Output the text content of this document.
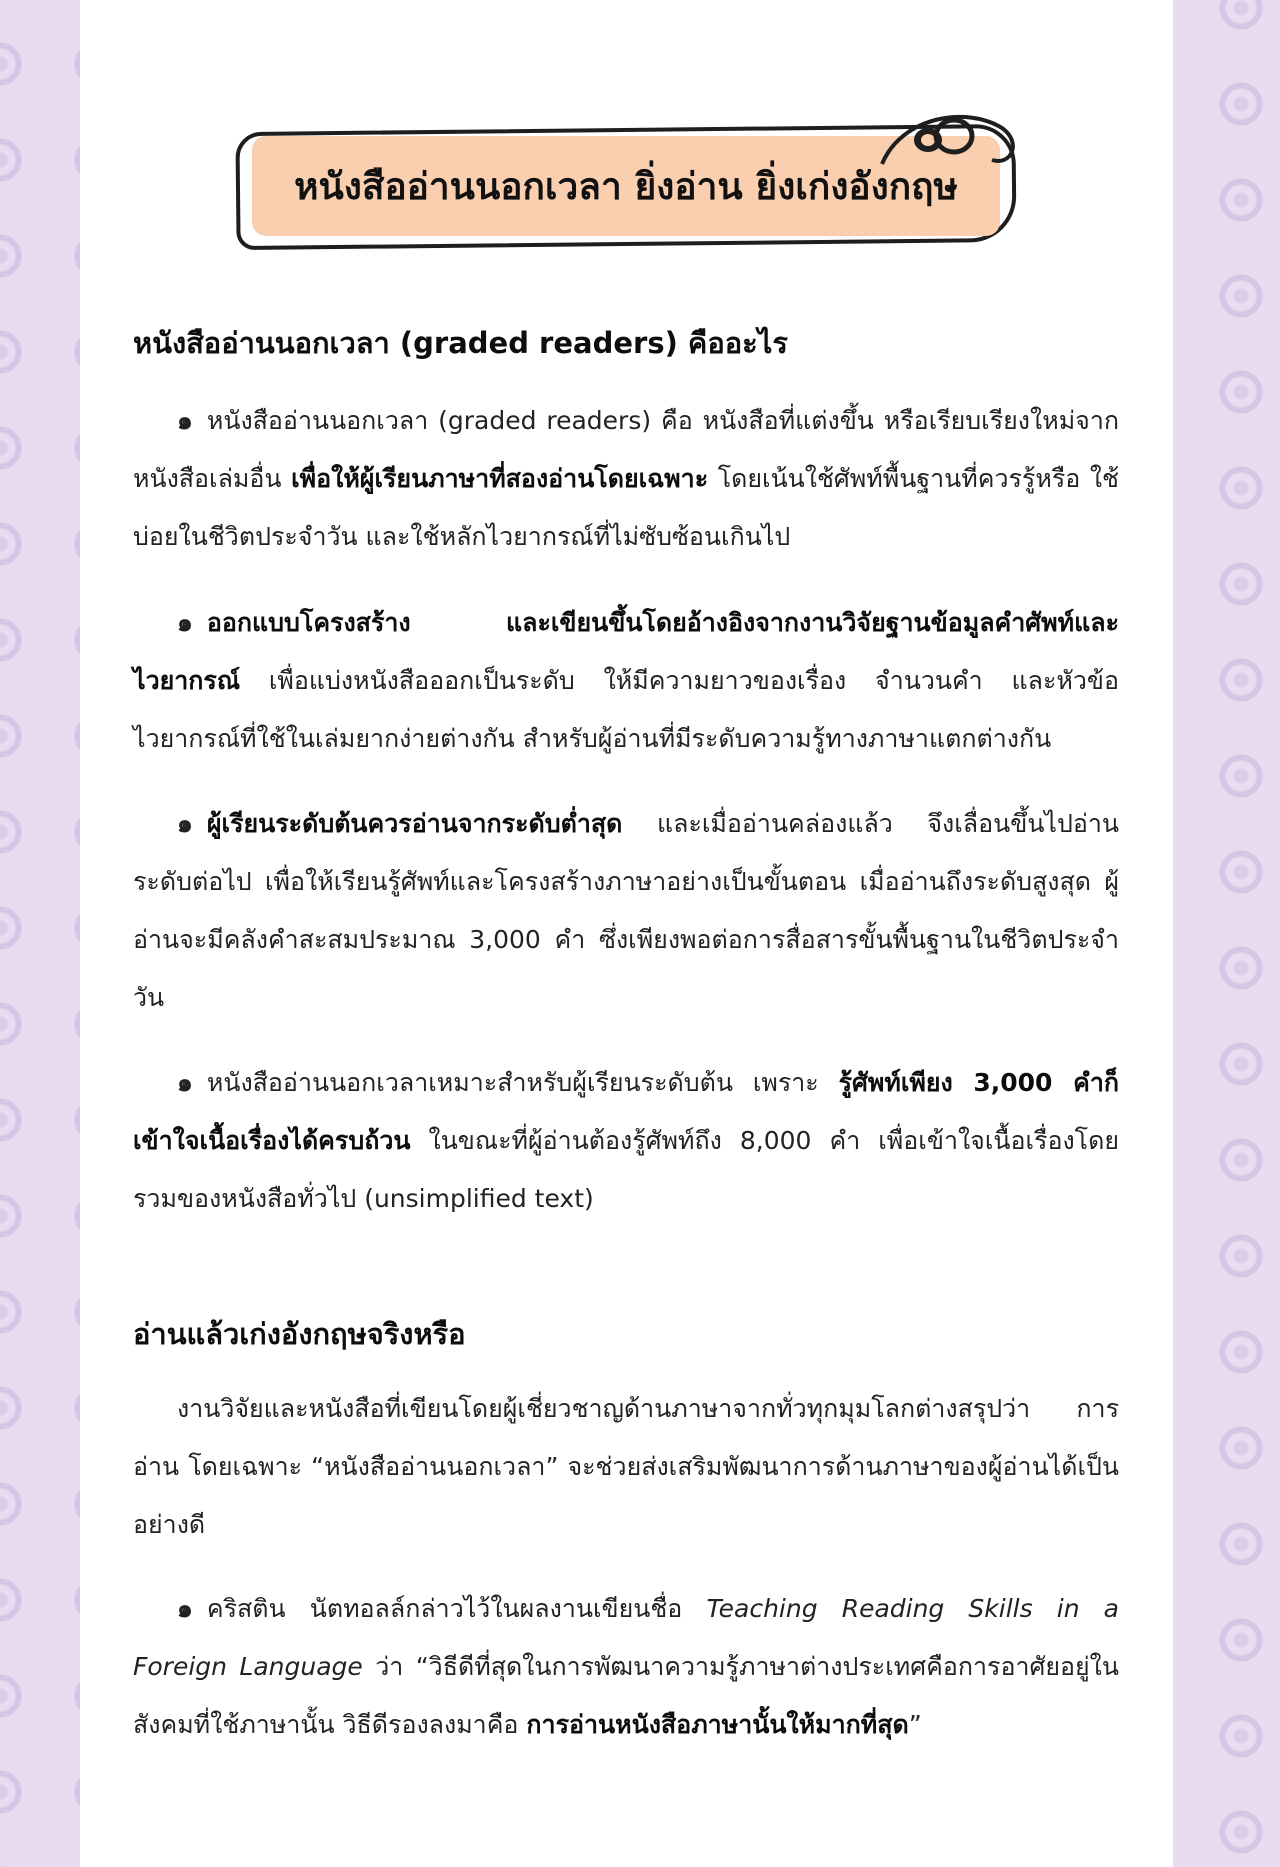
หนังสืออ่านนอกเวลา ยิ่งอ่าน ยิ่งเก่งอังกฤษ
หนังสืออ่านนอกเวลา (graded readers) คืออะไร

๑ หนังสืออ่านนอกเวลา (graded readers) คือ หนังสือที่แต่งขึ้น หรือเรียบเรียงใหม่จากหนังสือเล่มอื่น เพื่อให้ผู้เรียนภาษาที่สองอ่านโดยเฉพาะ โดยเน้นใช้ศัพท์พื้นฐานที่ควรรู้หรือ ใช้บ่อยในชีวิตประจำวัน และใช้หลักไวยากรณ์ที่ไม่ซับซ้อนเกินไป

๑ ออกแบบโครงสร้าง และเขียนขึ้นโดยอ้างอิงจากงานวิจัยฐานข้อมูลคำศัพท์และไวยากรณ์ เพื่อแบ่งหนังสือออกเป็นระดับ ให้มีความยาวของเรื่อง จำนวนคำ และหัวข้อไวยากรณ์ที่ใช้ในเล่มยากง่ายต่างกัน สำหรับผู้อ่านที่มีระดับความรู้ทางภาษาแตกต่างกัน

๑ ผู้เรียนระดับต้นควรอ่านจากระดับต่ำสุด และเมื่ออ่านคล่องแล้ว จึงเลื่อนขึ้นไปอ่านระดับต่อไป เพื่อให้เรียนรู้ศัพท์และโครงสร้างภาษาอย่างเป็นขั้นตอน เมื่ออ่านถึงระดับสูงสุด ผู้อ่านจะมีคลังคำสะสมประมาณ 3,000 คำ ซึ่งเพียงพอต่อการสื่อสารขั้นพื้นฐานในชีวิตประจำวัน

๑ หนังสืออ่านนอกเวลาเหมาะสำหรับผู้เรียนระดับต้น เพราะ รู้ศัพท์เพียง 3,000 คำก็เข้าใจเนื้อเรื่องได้ครบถ้วน ในขณะที่ผู้อ่านต้องรู้ศัพท์ถึง 8,000 คำ เพื่อเข้าใจเนื้อเรื่องโดยรวมของหนังสือทั่วไป (unsimplified text)

อ่านแล้วเก่งอังกฤษจริงหรือ

งานวิจัยและหนังสือที่เขียนโดยผู้เชี่ยวชาญด้านภาษาจากทั่วทุกมุมโลกต่างสรุปว่า การอ่าน โดยเฉพาะ “หนังสืออ่านนอกเวลา” จะช่วยส่งเสริมพัฒนาการด้านภาษาของผู้อ่านได้เป็นอย่างดี

๑ คริสติน นัตทอลล์กล่าวไว้ในผลงานเขียนชื่อ Teaching Reading Skills in a Foreign Language ว่า “วิธีดีที่สุดในการพัฒนาความรู้ภาษาต่างประเทศคือการอาศัยอยู่ในสังคมที่ใช้ภาษานั้น วิธีดีรองลงมาคือ การอ่านหนังสือภาษานั้นให้มากที่สุด”
